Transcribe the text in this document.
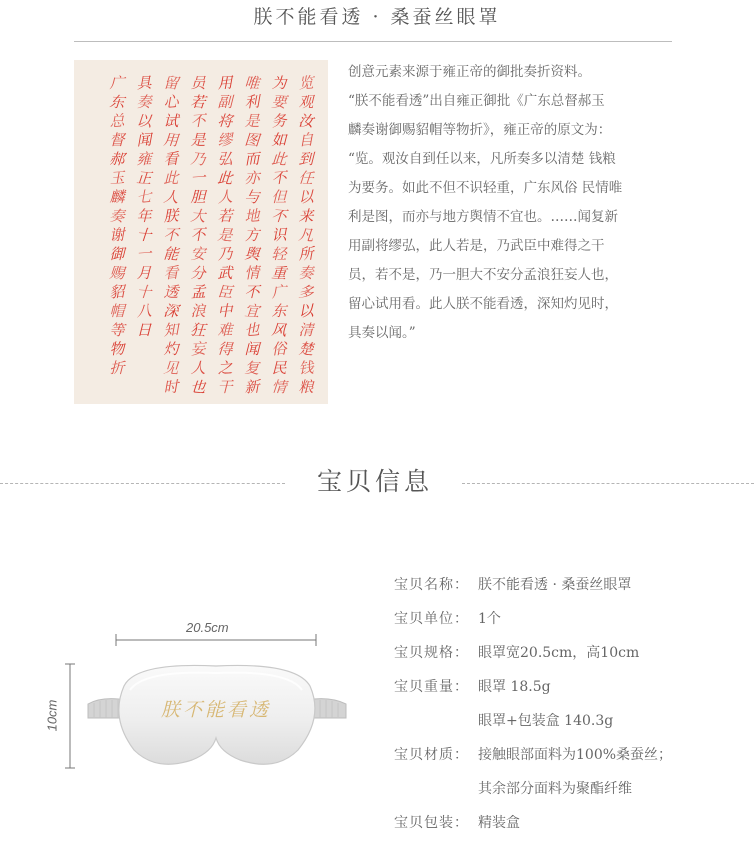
朕不能看透 · 桑蚕丝眼罩
览
观
汝
自
到
任
以
来
凡
所
奏
多
以
清
楚
钱
粮
为
要
务
如
此
不
但
不
识
轻
重
广
东
风
俗
民
情
唯
利
是
图
而
亦
与
地
方
舆
情
不
宜
也
闻
复
新
用
副
将
缪
弘
此
人
若
是
乃
武
臣
中
难
得
之
干
员
若
不
是
乃
一
胆
大
不
安
分
孟
浪
狂
妄
人
也
留
心
试
用
看
此
人
朕
不
能
看
透
深
知
灼
见
时
具
奏
以
闻
雍
正
七
年
十
一
月
十
八
日
广
东
总
督
郝
玉
麟
奏
谢
御
赐
貂
帽
等
物
折

创意元素来源于雍正帝的御批奏折资料。

“朕不能看透”出自雍正御批《广东总督郝玉

麟奏谢御赐貂帽等物折》，雍正帝的原文为：

“览。观汝自到任以来，凡所奏多以清楚 钱粮

为要务。如此不但不识轻重，广东风俗 民情唯

利是图，而亦与地方舆情不宜也。……闻复新

用副将缪弘，此人若是，乃武臣中难得之干

员，若不是，乃一胆大不安分孟浪狂妄人也，

留心试用看。此人朕不能看透，深知灼见时，

具奏以闻。”

宝贝信息
朕不能看透
20.5cm
10cm
宝贝名称： 朕不能看透 · 桑蚕丝眼罩
宝贝单位： 1个
宝贝规格： 眼罩宽20.5cm，高10cm
宝贝重量： 眼罩 18.5g
眼罩+包装盒 140.3g
宝贝材质： 接触眼部面料为100%桑蚕丝；
其余部分面料为聚酯纤维
宝贝包装： 精装盒
